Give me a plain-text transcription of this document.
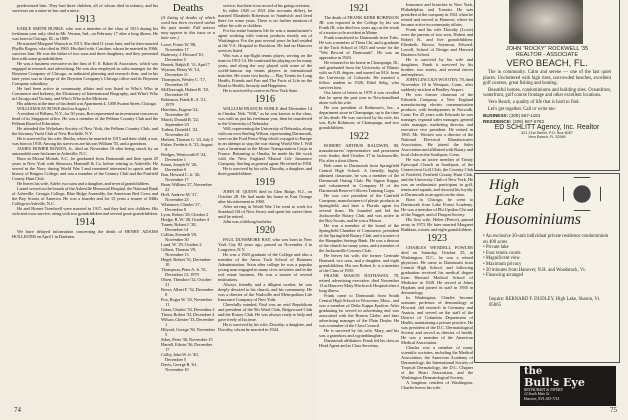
predeceased him. They had three children, all of whom died in infancy, and his survivors are a sister-in-law and a niece.

1913

EARLE SMITH BURKE, who was a member of the class of 1913 during his freshman year only, died in Mt. Vernon, Ind., on February 17 after a long illness. He was born in Chicago, Ill., in 1889.

He married Margaret Wunsch in 1913. She died 11 years later, and he then married Phyllis Rogers, who died in 1965. His third wife, Caroline, whom he married in 1966, survives him. He was the father of two sons and three daughters, and they presented him with some grandchildren.

He was a business executive in the firm of E. S. Baker & Associates, which was engaged in research and advertising. He was also employed as sales manager for the Boynton Company of Chicago, as industrial planning and research firm, and in his later years was in charge of the Boynton Company's Chicago office and its Boynton Company subsidiary.

He had been active in community affairs and was listed in Who's Who in Commerce and Industry, the Dictionary of International Biography, and Who's Who in Chicago and Vicinity, and Who's Who in the Midwest.

His address at the time of his death was Apartment 4, 1400 Swann Street, Chicago.

WILLIAM KAY ROWE died on August 1.

A resident of Pelham, N.Y., for 50 years, Roe represented an investment concern as head of its Singapore office. He was a member of the Pelham Country Club and the Pelham Board of Education.

He attended the Wykeham Society of New York, the Pelham Country Club, and the Siwanoy Yacht Club of New Rochelle, N.Y.

He is survived by his wife, Bertha, whom he married in 1915 and their child, a son, was born in 1918. Among his survivors are his son William '55, and a grandson.

JAMES HOMER BOWEN, Jr., died on November 16 after being struck by an automobile near his home in Asheville, N.C.

Born in Mount Moriah, S.C., he graduated from Dartmouth and then spent 25 years in New York with Shearson, Hammill & Co. before retiring to Asheville. He served in the Navy during World War I and remained interested in sports and the history of Rutgers College, and was a member of the Century Club and the Fairfield County Hunt Club.

He leaves his wife, Adele; two sons and a daughter, and several grandchildren.

Lionel served on the boards of the Asheville Memorial Hospital, the National Bank of Asheville, Georgia College, Blue Ridge Assembly, the American Red Cross and the Boy Scouts of America. He was a founder and for 15 years a trustee of Mills College in Ashville, N.C.

He and Homer Treadwell were married in 1917, and they had two children. His wife and a son survive, along with two grandchildren and several great-grandchildren.

1914

We have delayed information concerning the death of HENRY ADAMS HOLLISTER on April 1 in Dunham.

Deaths

(A listing of deaths of which word has been received within the past month. Full notices may appear in this issue or a later one.)

Lowe, Foster W. '08, November 17

Rudeway, J. Howard '10, December 5

Bassett, Ralph E. '11, April 7

Wyman, Henry W. '14, December 11

Thompson, Wesley C. '17, December 19

McDonough, Hubert R. '18, December 19

Robinson, Frank K. A. '21, 1979

Hutchins, Eugene '22, November 28

March, Donald R. '22, September 23

Tuthen, Donald J. '22, November 24

Herbert, Thomas G. '23, July 5

Fisher, Frederic A. '23, August 9

Bridges, Wentworth P. '24, December 1

Eaton, Joseph W. '26, December 9

Rau, Howard C. Jr. '26, November 17

Bean, William '27, November 22

Hoff, Andrew M. '27, November 23

Whitmore, Charles '27, December 8

Lyon, Robert '28, October 2

Hodge, R. W. '28, October 4

Turner, Robert J. '28, December 14

Collins, Kenneth '29, November 30

Lund, W. '29, October 2

Gilbert, Thomas '29, November 13

Hegel, Robert '31, December 10

Thompson, Peter A. Jr. '31, December 13, 1979

Olsen, Theodore '32, October 21

Rowe, Albert F. '32, December 8

Fox, Roger W. '33, November 11

Gunn, Charles '33, December 2

Thorn, Robert '33, December 4

Wilson, Chester '33, December 1

Hilyard, George '36, November 5

Sikes, Peter '36, November 15

Harrell, Edwin '36, December 17

Colby, John W. Jr. '40, December 5

Davis, George R. '61, November 10

service, but there is no record of his going overseas.

In either 1920 or 1921 (the accounts differ), he married Elizabeth Robertson in Sandwich and lived there for some years. There is no further mention of either his wife or children.

For his entire business life he was a manufacturer's agent working with various products mostly out of Washington. For the past several years he had resided at the V.A. Hospital in Brockton. He had no Hanover services listed.

Win was a top-flight tennis player, serving on the team in 1913-14. He continued his playing on for many years, and along the way played with some of the world-famous top tennis players in international matches. He wrote two books — Play Tennis for Long Health, Friends and Fun and The Facts of Life on the Road to Health, Security and Happiness.

He is survived by a niece in New York State.

1916

WILLIAM FRANCIS NOBLE died December 14 in Omaha, Neb. "Will," as he was known to the class, was with us just his freshman year, then he transferred to the University of Nebraska.

Will, representing the University of Nebraska, along with our own Sterling Wilson, representing Dartmouth, were on the Ford Peace Ship which voyaged to Europe in an attempt to stop the war during World War I. Will was a lieutenant in the Motor Transportation Corps in France. Returning to Omaha, he made his life work with the New England Mutual Life Insurance Company. Sterling as general agent. He retired in 1958.

He is survived by his wife, Dorothy, a daughter, and three grandchildren.

1919

JOHN H. QUINN died in Glen Ridge, N.J., on October 28. He had made his home in East Orange after his retirement in 1960.

After serving in World War I he went to work for Standard Oil of New Jersey and spent his career there until he retired.

John was a lifelong bachelor.

1920

PAUL DUNSMORE RAY, who was born in New York City 82 years ago, passed on November 4 in Longview, N.Y.

He was a 1920 graduate of the College and also a member of the Amos Tuck School of Business Administration. Soon after college he was a popular young man engaged in many civic activities and in the real estate business. He was a trustee of several institutions.

Always friendly and a diligent worker, he was deeply devoted to his church, and his community. He was a director of the Nashville and Metropolitan Life Insurance Company of New York.

Cheerfully minded, Paul was an avid Republican and president of the 9th Ward Club, Ridgewood Club and the Rotary Club. He was always ready to help and gave freely of his time.

He is survived by his wife, Dorothy; a daughter, and Dorothy, whom he married in 1924.

74
1921

The death of FRANK KERR ROBINSON JR. was reported in the College by his son Frank III, who died two years ago as the result of a motorcycle accident in Maine.

Frank transferred to Dartmouth from Tufts. He was a member of Theta Chi, and a graduate of the Tuck School of 1923 and wrote for the "Wet Record of Dartmouth". He was an apprentice in 1920.

He returned to his home in Champaign, Ill., and graduated from the University of Illinois with an A.B. degree, and earned an M.S. from the University of Colorado. He married a fellow student in 1926, Ethel Selig, who survives him.

Our latest of letters in 1979 it was recalled that he spent the past year in Newfoundland alone with his wife.

He was president of Robinson's, Inc., a department store in Champaign, up to the time of his death. He was survived by his wife, his son, Kyle Robinson, of Champaign, and two grandchildren.

1922

ROBERT ARTHUR BALDWIN, 80, manufacturers' representative and prominent civic leader, died October 27 in Jacksonville, Fla. after a short illness.

Bob came to Dartmouth from Springfield Central High School. A friendly, highly admired classmate, he was a member of the Dartmouth Outing Club, Phi Sigma Kappa, and volunteered in Company H of the Dartmouth Reserve Officers Training Corps.

He was vice president of the Canfield Company, manufacturers of plastic products in Springfield, and later a Florida agent for several firms. He founded and led the Jacksonville Rotary Club, and was active in the Boy Scouts, and he was a Mason.

He was a member of the board of the Springfield Chamber of Commerce, president of the Springfield Rotary Club, and a trustee of the Hampden Savings Bank. He was a deacon of the church for many years, and a member of the Jacksonville Country Club.

He leaves his wife, the former Gertrude Brainard, two sons, and a daughter, and eight grandchildren. His son Robert Jr. is a member of the Class of 1950.

FRANK MASON HATHAWAY, 78, retired advertising executive, died November 13 at Hanover Mary Hitchcock Hospital after a long illness.

Frank came to Dartmouth from South Central High School in Worcester, Mass., and was a member of Delta Kappa Epsilon. After graduating he served in advertising and was associated with the Boston Globe, and later advertising manager of the Plain Dealer. He was a member of the Class Council.

He is survived by his wife, Mary, and his son, a grandson, and a granddaughter.

Dartmouth affiliation: Frank led his class as Head Agent and as Class Secretary.

Insurance and branches in New York, Philadelphia, and Toronto. He was president of the company in 1941 when he retired and moved to Hanover, where he became active in community affairs.

Frank and his wife Dorothy (Lowe) were the parents of two sons, Hubert and Robert R., and five grandchildren: Elizabeth, Brown, Seymour, Edward, Lowell, School of Design and Harvard Business School.

He is survived by his wife and daughters. Frank it survived by his brother; two sisters, and several nieces and nephews.

JOHN LINCOLN WOOTEN, 78, died November 10 in Westport, Conn., after suddenly stricken at Bradley Airport.

He was former chairman of the Edwards Company, a New England manufacturing electric communication products, with headquarters in Norwalk, Conn. For 45 years with Edwards he was manager, regional sales manager, general sales manager, marketing director, and executive vice president. He retired in 1965. Mr. Wooten was a director of the National Electrical Manufacturers Association. He joined the Sales Association and affiliated with Rotary and local clubs in the Southport, Conn.

He was an active member of Trinity Episcopal Church in Southport, of the Connecticut Golf Club, the Country Club of Fairfield, Fairfield County Hunt Club, and the University Club of New York. He was an enthusiastic participant in golf, tennis and squash, and showed his loyalty to Dartmouth as an agent on the class.

Born in Chicago, he went to Dartmouth from Lake Forest Academy. He was a member of Phi Upsilon Chi and of the Nugget, and of Dragon Society.

His first wife, Helen (Peirce), passed away in 1973. He later married Margaret Rathbun, a sister, and eight grandchildren.

1923

CHARLES WENDELL FOWLER died on Saturday, October 25, in Washington, D.C., he was a retired physician. He came to Dartmouth from Central High School, and following graduation received his medical degree from Harvard Medical School of Medicine in 1928. He served at Johns Hopkins and joined its staff in 1930 in dermatology.

In Washington, Charles became assistant professor of dermatology at Howard, did research in Germany and Austria, and served on the staff of the District of Columbia Department of Health, maintaining a private practice. He was president of the D.C. Dermatological Society and served as director of health. He was a member of the American Medical Association.

Charles was a member of many scientific societies, including the Medical Association, the American Academy of Dermatology, the International Society of Tropical Dermatology, the D.C. Chapter of the Heart Association, and the Washington Dermatological Society.

A longtime resident of Washington, Charles leaves his wife.

75
JOHN "ROCKY" ROCKWELL '35
REALTOR - ASSOCIATE
VERO BEACH, FL.

The in community. Calm and serene — one of the last quiet places. Uncluttered with high rises, uncrowded beaches, excellent golf courses, great fishing and boating.

Beautiful homes, condominiums and building sites. Oceanfront, waterfront, golf course frontage and other excellent locations.

Vero Beach, a quality of life that is hard to find.

Let's get together. Call or write me:

BUSINESS: (305) 567-1181
RESIDENCE: (305) 567-6752
ED SCHLITT Agency, Inc. Realtor
321 21st Street, P.O. Box 6057
Vero Beach, FL 32960
High
Lake
Housominiums
• An exclusive 20-unit individual private residence condominium on 400 acres
• Private lake
• Four tennis courts
• Magnificent view
• Maximum privacy
• 20 minutes from Hanover, N.H. and Woodstock, Vt.
• Financing arranged
Inquire: BERNARD F. DUDLEY, High Lake, Sharon, Vt. 05065
the
Bull's Eye
RESTAURANT & TAVERN
12 South Main St.
Hanover, N.H. 643-7114
